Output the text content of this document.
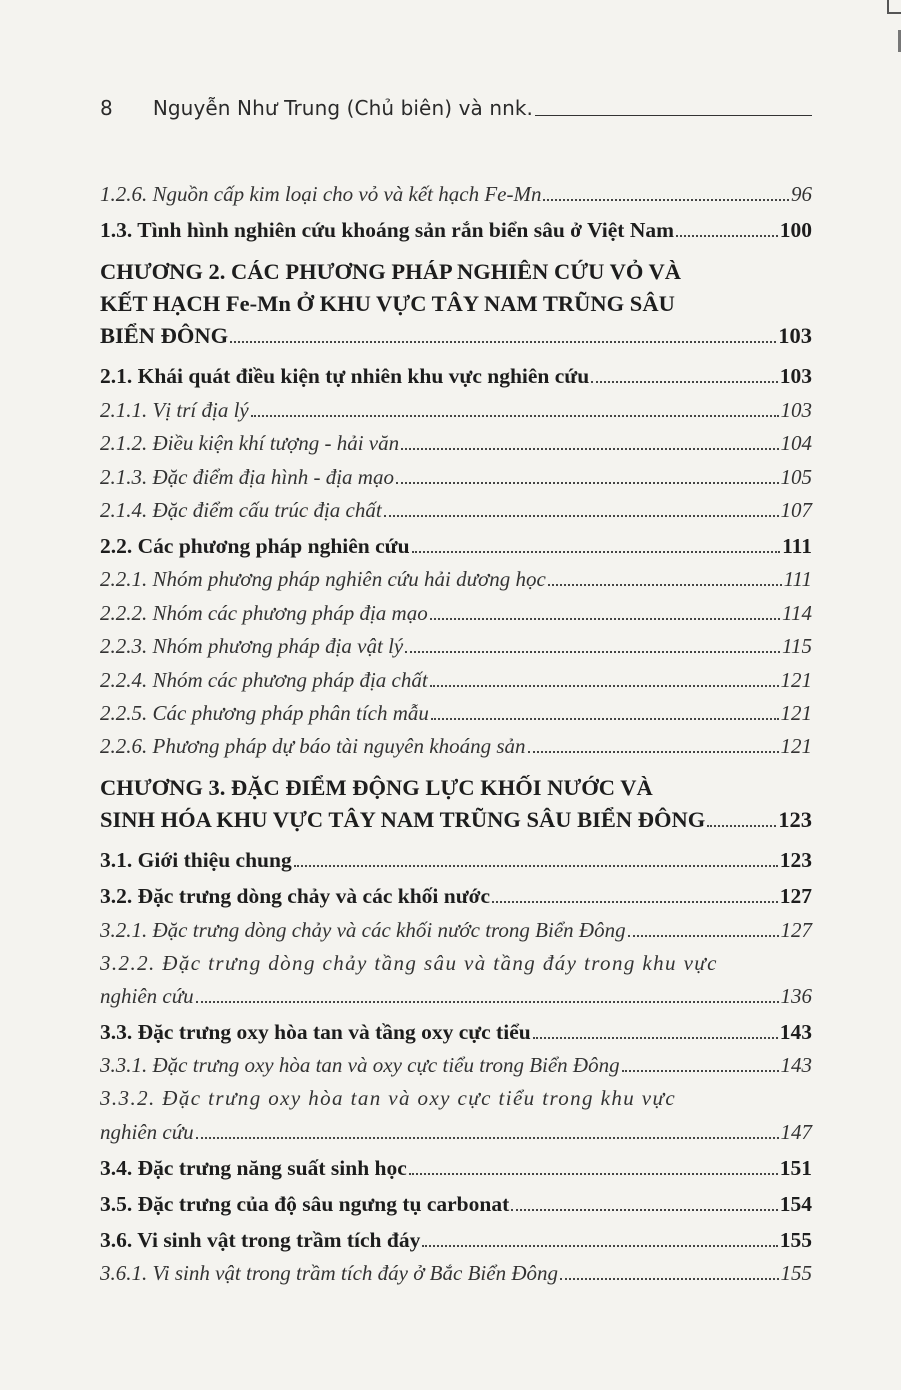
8 Nguyễn Như Trung (Chủ biên) và nnk.
1.2.6. Nguồn cấp kim loại cho vỏ và kết hạch Fe-Mn	96
1.3. Tình hình nghiên cứu khoáng sản rắn biển sâu ở Việt Nam	100
CHƯƠNG 2. CÁC PHƯƠNG PHÁP NGHIÊN CỨU VỎ VÀ
KẾT HẠCH Fe-Mn Ở KHU VỰC TÂY NAM TRŨNG SÂU
BIỂN ĐÔNG	103
2.1. Khái quát điều kiện tự nhiên khu vực nghiên cứu	103
2.1.1. Vị trí địa lý	103
2.1.2. Điều kiện khí tượng - hải văn	104
2.1.3. Đặc điểm địa hình - địa mạo	105
2.1.4. Đặc điểm cấu trúc địa chất	107
2.2. Các phương pháp nghiên cứu	111
2.2.1. Nhóm phương pháp nghiên cứu hải dương học	111
2.2.2. Nhóm các phương pháp địa mạo	114
2.2.3. Nhóm phương pháp địa vật lý	115
2.2.4. Nhóm các phương pháp địa chất	121
2.2.5. Các phương pháp phân tích mẫu	121
2.2.6. Phương pháp dự báo tài nguyên khoáng sản	121
CHƯƠNG 3. ĐẶC ĐIỂM ĐỘNG LỰC KHỐI NƯỚC VÀ
SINH HÓA KHU VỰC TÂY NAM TRŨNG SÂU BIỂN ĐÔNG	123
3.1. Giới thiệu chung	123
3.2. Đặc trưng dòng chảy và các khối nước	127
3.2.1. Đặc trưng dòng chảy và các khối nước trong Biển Đông	127
3.2.2. Đặc trưng dòng chảy tầng sâu và tầng đáy trong khu vực
nghiên cứu	136
3.3. Đặc trưng oxy hòa tan và tầng oxy cực tiểu	143
3.3.1. Đặc trưng oxy hòa tan và oxy cực tiểu trong Biển Đông	143
3.3.2. Đặc trưng oxy hòa tan và oxy cực tiểu trong khu vực
nghiên cứu	147
3.4. Đặc trưng năng suất sinh học	151
3.5. Đặc trưng của độ sâu ngưng tụ carbonat	154
3.6. Vi sinh vật trong trầm tích đáy	155
3.6.1. Vi sinh vật trong trầm tích đáy ở Bắc Biển Đông	155
